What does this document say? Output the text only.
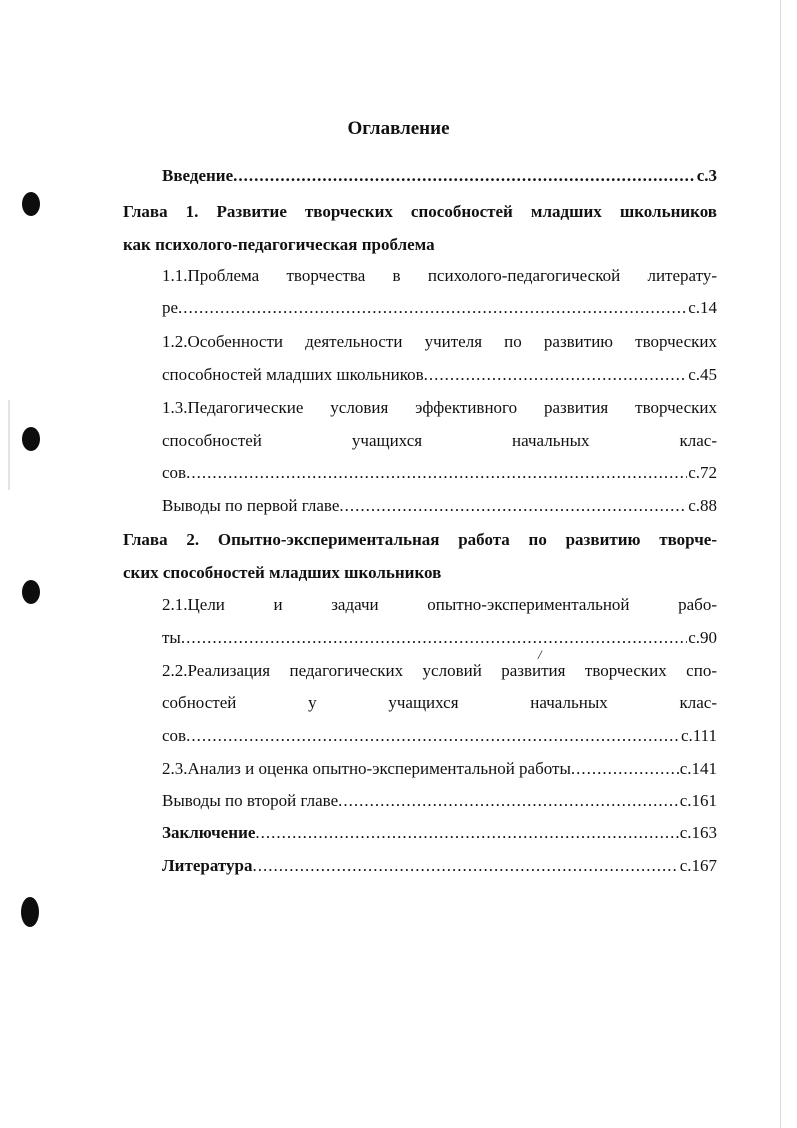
Оглавление
Введение .....	с.3
Глава 1. Развитие творческих способностей младших школьников
как психолого-педагогическая проблема
1.1.Проблема творчества в психолого-педагогической литерату-
ре .....	с.14
1.2.Особенности деятельности учителя по развитию творческих
способностей младших школьников .....	с.45
1.3.Педагогические условия эффективного развития творческих
способностей учащихся начальных клас-
сов .....	с.72
Выводы по первой главе .....	с.88
Глава 2. Опытно-экспериментальная работа по развитию творче-
ских способностей младших школьников
2.1.Цели и задачи опытно-экспериментальной рабо-
ты .....	с.90
/
2.2.Реализация педагогических условий развития творческих спо-
собностей у учащихся начальных клас-
сов .....	с.111
2.3.Анализ и оценка опытно-экспериментальной работы .....	с.141
Выводы по второй главе .....	с.161
Заключение .....	с.163
Литература .....	с.167
